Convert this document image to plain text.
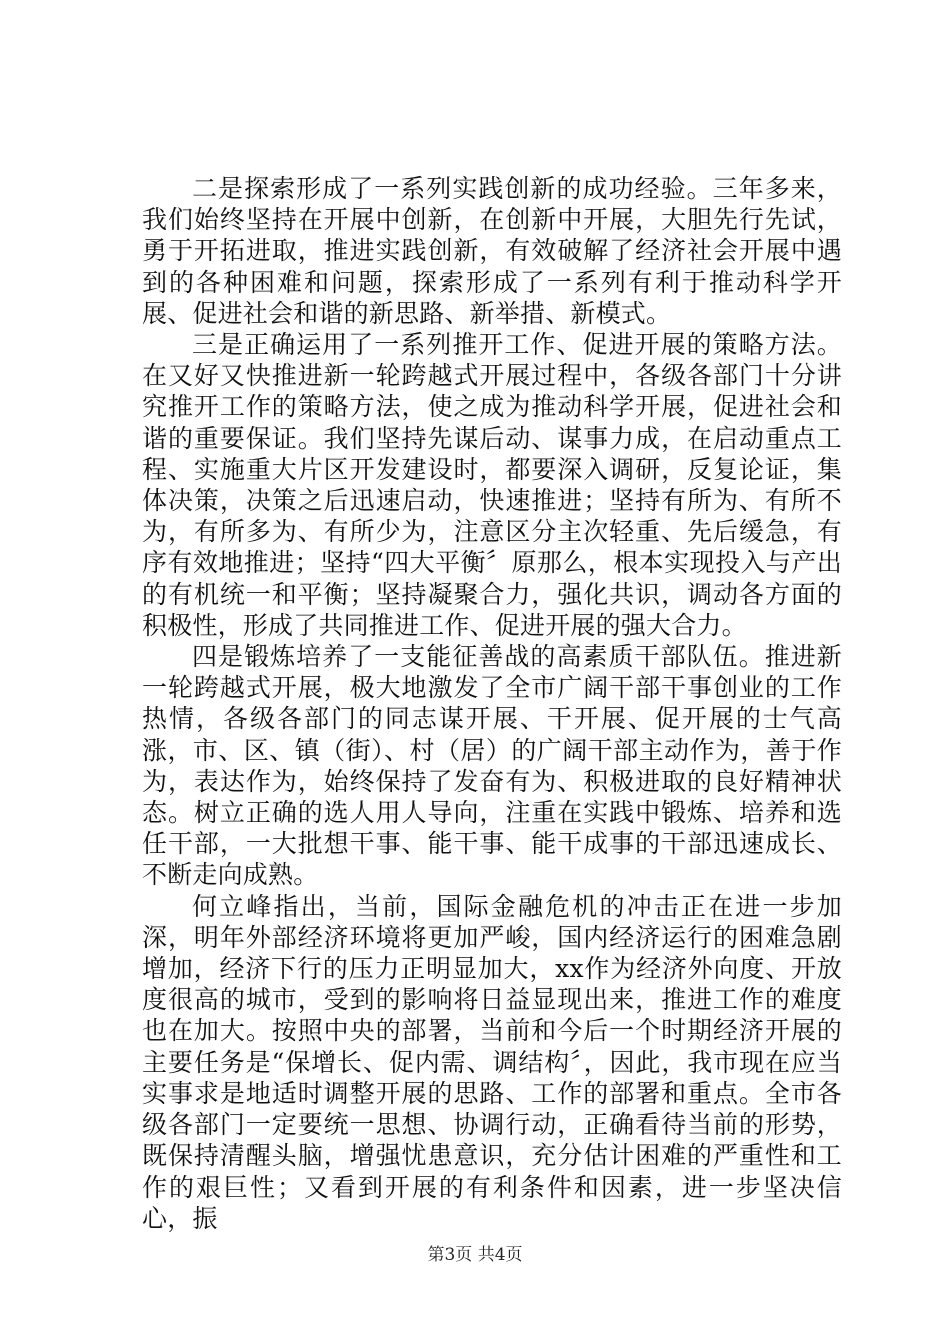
二是探索形成了一系列实践创新的成功经验。三年多来，我们始终坚持在开展中创新，在创新中开展，大胆先行先试，勇于开拓进取，推进实践创新，有效破解了经济社会开展中遇到的各种困难和问题，探索形成了一系列有利于推动科学开展、促进社会和谐的新思路、新举措、新模式。

三是正确运用了一系列推开工作、促进开展的策略方法。在又好又快推进新一轮跨越式开展过程中，各级各部门十分讲究推开工作的策略方法，使之成为推动科学开展，促进社会和谐的重要保证。我们坚持先谋后动、谋事力成，在启动重点工程、实施重大片区开发建设时，都要深入调研，反复论证，集体决策，决策之后迅速启动，快速推进；坚持有所为、有所不为，有所多为、有所少为，注意区分主次轻重、先后缓急，有序有效地推进；坚持“四大平衡〞原那么，根本实现投入与产出的有机统一和平衡；坚持凝聚合力，强化共识，调动各方面的积极性，形成了共同推进工作、促进开展的强大合力。

四是锻炼培养了一支能征善战的高素质干部队伍。推进新一轮跨越式开展，极大地激发了全市广阔干部干事创业的工作热情，各级各部门的同志谋开展、干开展、促开展的士气高涨，市、区、镇（街）、村（居）的广阔干部主动作为，善于作为，表达作为，始终保持了发奋有为、积极进取的良好精神状态。树立正确的选人用人导向，注重在实践中锻炼、培养和选任干部，一大批想干事、能干事、能干成事的干部迅速成长、不断走向成熟。

何立峰指出，当前，国际金融危机的冲击正在进一步加深，明年外部经济环境将更加严峻，国内经济运行的困难急剧增加，经济下行的压力正明显加大，xx作为经济外向度、开放度很高的城市，受到的影响将日益显现出来，推进工作的难度也在加大。按照中央的部署，当前和今后一个时期经济开展的主要任务是“保增长、促内需、调结构〞，因此，我市现在应当实事求是地适时调整开展的思路、工作的部署和重点。全市各级各部门一定要统一思想、协调行动，正确看待当前的形势，既保持清醒头脑，增强忧患意识，充分估计困难的严重性和工作的艰巨性；又看到开展的有利条件和因素，进一步坚决信心，振

第3页 共4页
